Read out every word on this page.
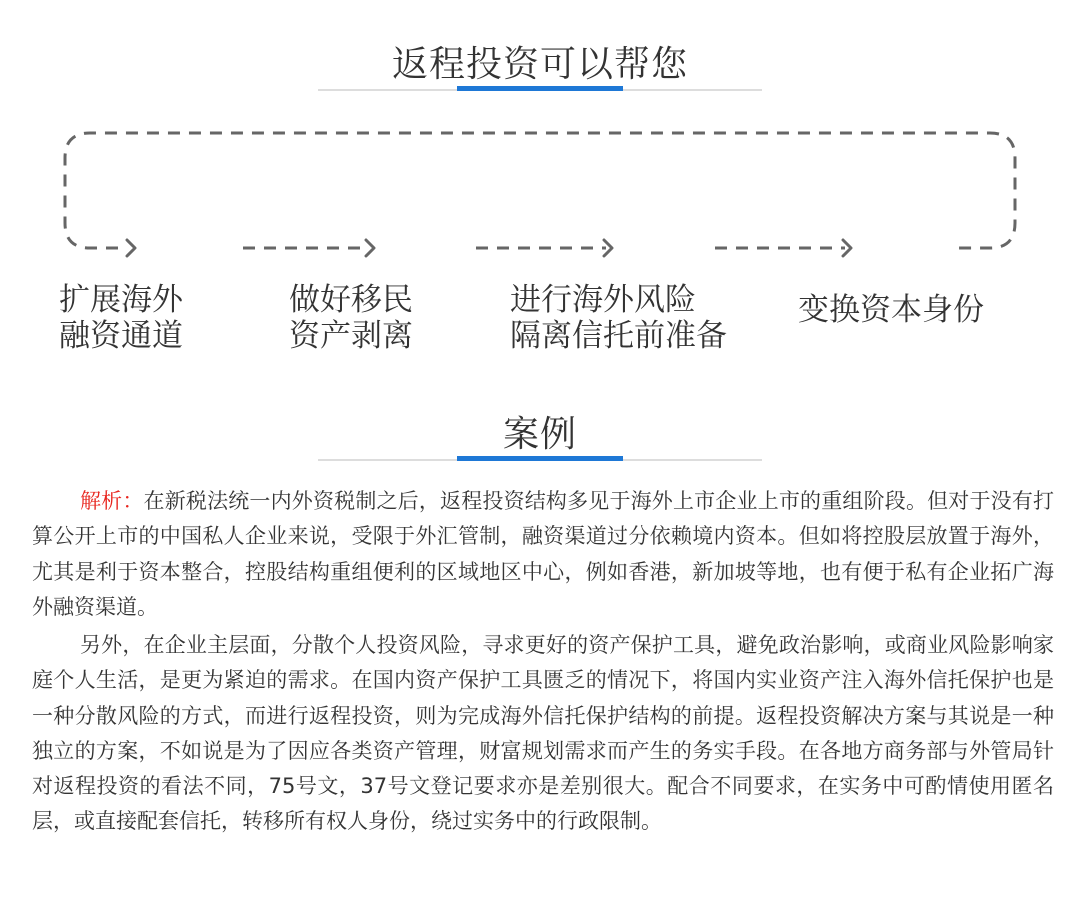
返程投资可以帮您
扩展海外
融资通道
做好移民
资产剥离
进行海外风险
隔离信托前准备
变换资本身份
案例

解析：在新税法统一内外资税制之后，返程投资结构多见于海外上市企业上市的重组阶段。但对于没有打算公开上市的中国私人企业来说，受限于外汇管制，融资渠道过分依赖境内资本。但如将控股层放置于海外，尤其是利于资本整合，控股结构重组便利的区域地区中心，例如香港，新加坡等地，也有便于私有企业拓广海外融资渠道。

另外，在企业主层面，分散个人投资风险，寻求更好的资产保护工具，避免政治影响，或商业风险影响家庭个人生活，是更为紧迫的需求。在国内资产保护工具匮乏的情况下，将国内实业资产注入海外信托保护也是一种分散风险的方式，而进行返程投资，则为完成海外信托保护结构的前提。返程投资解决方案与其说是一种独立的方案，不如说是为了因应各类资产管理，财富规划需求而产生的务实手段。在各地方商务部与外管局针对返程投资的看法不同，75号文，37号文登记要求亦是差别很大。配合不同要求，在实务中可酌情使用匿名层，或直接配套信托，转移所有权人身份，绕过实务中的行政限制。
